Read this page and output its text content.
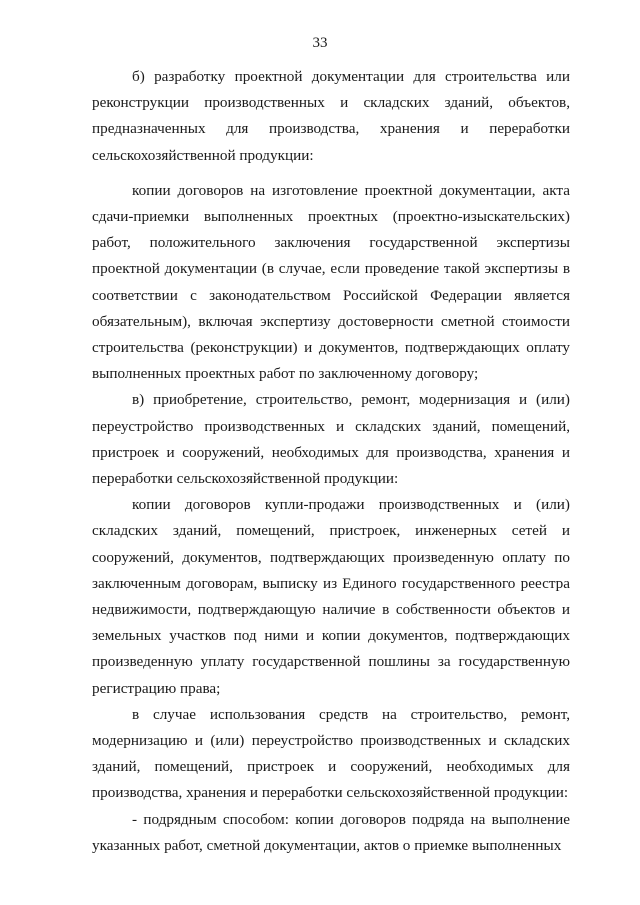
33

б) разработку проектной документации для строительства или реконструкции производственных и складских зданий, объектов, предназначенных для производства, хранения и переработки сельскохозяйственной продукции:

копии договоров на изготовление проектной документации, акта сдачи-приемки выполненных проектных (проектно-изыскательских) работ, положительного заключения государственной экспертизы проектной документации (в случае, если проведение такой экспертизы в соответствии с законодательством Российской Федерации является обязательным), включая экспертизу достоверности сметной стоимости строительства (реконструкции) и документов, подтверждающих оплату выполненных проектных работ по заключенному договору;

в) приобретение, строительство, ремонт, модернизация и (или) переустройство производственных и складских зданий, помещений, пристроек и сооружений, необходимых для производства, хранения и переработки сельскохозяйственной продукции:

копии договоров купли-продажи производственных и (или) складских зданий, помещений, пристроек, инженерных сетей и сооружений, документов, подтверждающих произведенную оплату по заключенным договорам, выписку из Единого государственного реестра недвижимости, подтверждающую наличие в собственности объектов и земельных участков под ними и копии документов, подтверждающих произведенную уплату государственной пошлины за государственную регистрацию права;

в случае использования средств на строительство, ремонт, модернизацию и (или) переустройство производственных и складских зданий, помещений, пристроек и сооружений, необходимых для производства, хранения и переработки сельскохозяйственной продукции:

- подрядным способом: копии договоров подряда на выполнение указанных работ, сметной документации, актов о приемке выполненных
